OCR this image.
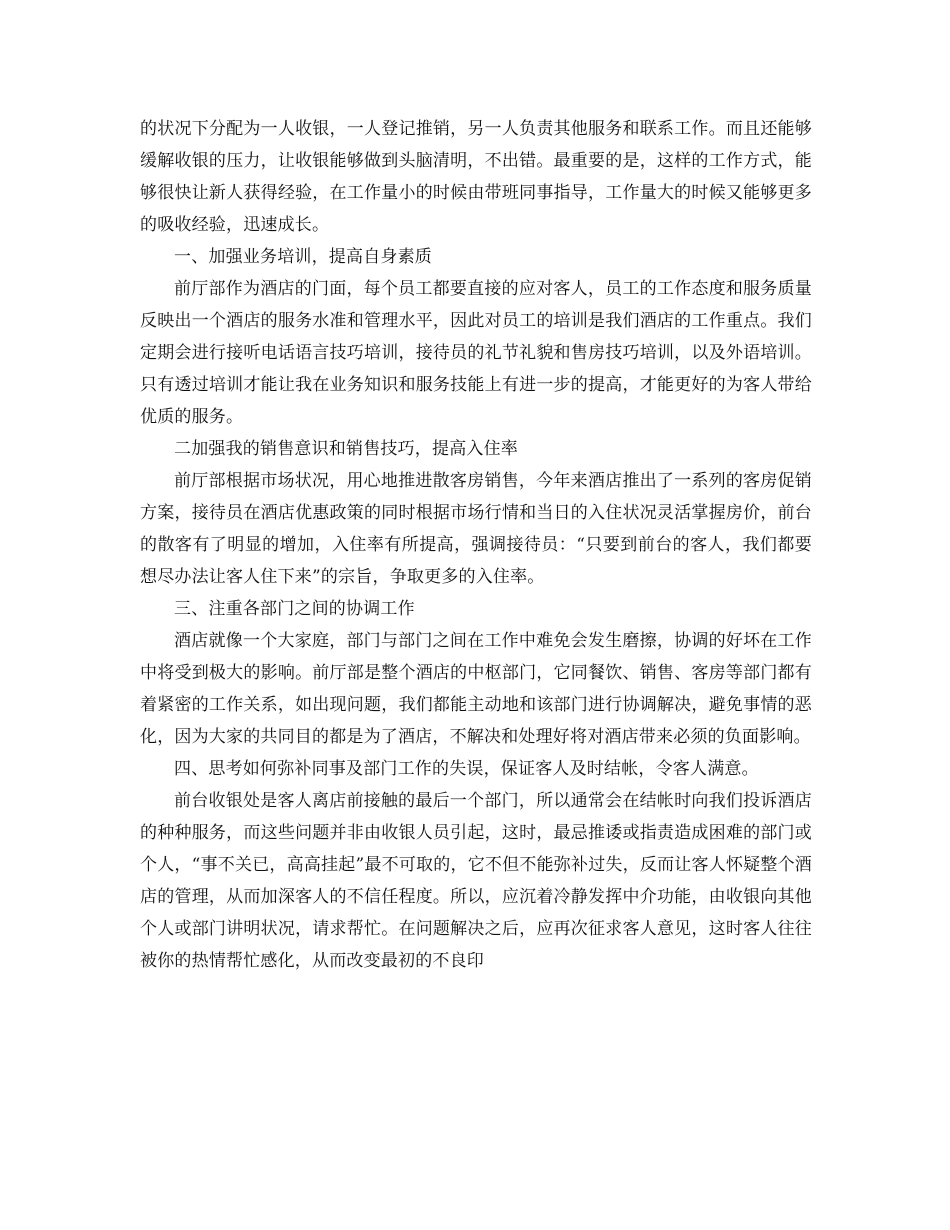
的状况下分配为一人收银，一人登记推销，另一人负责其他服务和联系工作。而且还能够缓解收银的压力，让收银能够做到头脑清明，不出错。最重要的是，这样的工作方式，能够很快让新人获得经验，在工作量小的时候由带班同事指导，工作量大的时候又能够更多的吸收经验，迅速成长。

一、加强业务培训，提高自身素质

前厅部作为酒店的门面，每个员工都要直接的应对客人，员工的工作态度和服务质量反映出一个酒店的服务水准和管理水平，因此对员工的培训是我们酒店的工作重点。我们定期会进行接听电话语言技巧培训，接待员的礼节礼貌和售房技巧培训，以及外语培训。只有透过培训才能让我在业务知识和服务技能上有进一步的提高，才能更好的为客人带给优质的服务。

二加强我的销售意识和销售技巧，提高入住率

前厅部根据市场状况，用心地推进散客房销售，今年来酒店推出了一系列的客房促销方案，接待员在酒店优惠政策的同时根据市场行情和当日的入住状况灵活掌握房价，前台的散客有了明显的增加，入住率有所提高，强调接待员：“只要到前台的客人，我们都要想尽办法让客人住下来”的宗旨，争取更多的入住率。

三、注重各部门之间的协调工作

酒店就像一个大家庭，部门与部门之间在工作中难免会发生磨擦，协调的好坏在工作中将受到极大的影响。前厅部是整个酒店的中枢部门，它同餐饮、销售、客房等部门都有着紧密的工作关系，如出现问题，我们都能主动地和该部门进行协调解决，避免事情的恶化，因为大家的共同目的都是为了酒店，不解决和处理好将对酒店带来必须的负面影响。

四、思考如何弥补同事及部门工作的失误，保证客人及时结帐，令客人满意。

前台收银处是客人离店前接触的最后一个部门，所以通常会在结帐时向我们投诉酒店的种种服务，而这些问题并非由收银人员引起，这时，最忌推诿或指责造成困难的部门或个人，“事不关已，高高挂起”最不可取的，它不但不能弥补过失，反而让客人怀疑整个酒店的管理，从而加深客人的不信任程度。所以，应沉着冷静发挥中介功能，由收银向其他个人或部门讲明状况，请求帮忙。在问题解决之后，应再次征求客人意见，这时客人往往被你的热情帮忙感化，从而改变最初的不良印
